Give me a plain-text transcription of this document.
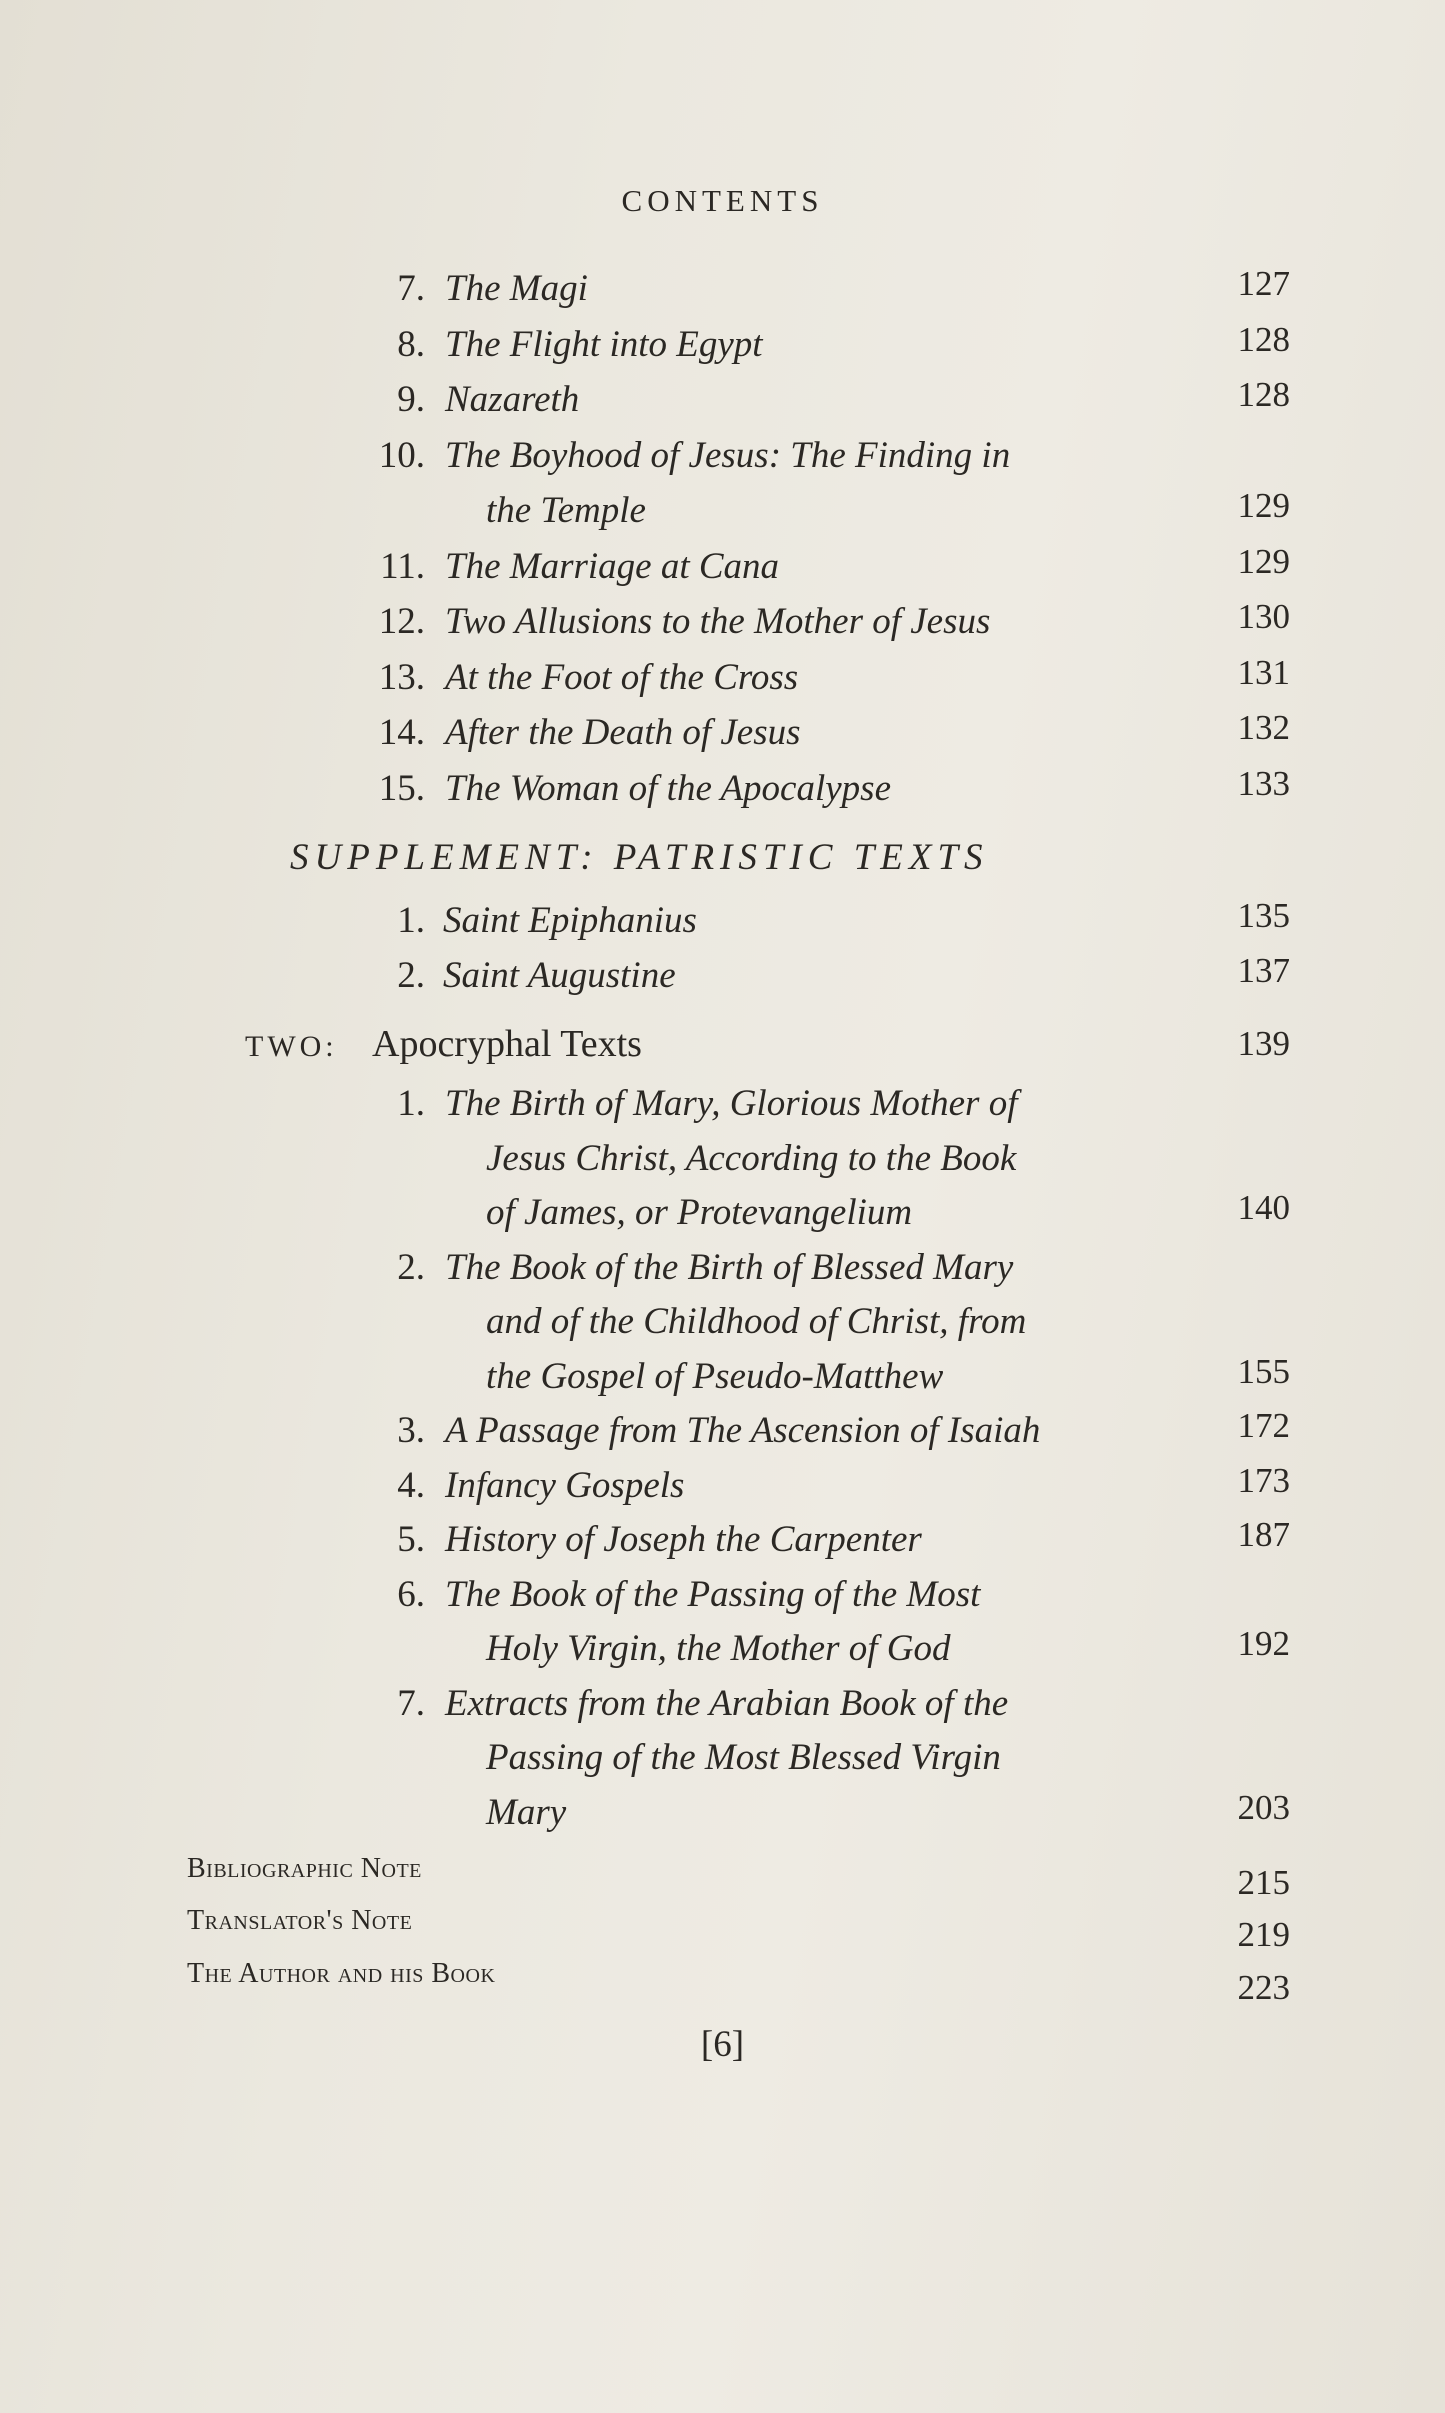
CONTENTS
7. The Magi	127
8. The Flight into Egypt	128
9. Nazareth	128
10. The Boyhood of Jesus: The Finding in
the Temple	129
11. The Marriage at Cana	129
12. Two Allusions to the Mother of Jesus	130
13. At the Foot of the Cross	131
14. After the Death of Jesus	132
15. The Woman of the Apocalypse	133
SUPPLEMENT: PATRISTIC TEXTS
1. Saint Epiphanius	135
2. Saint Augustine	137
TWO: Apocryphal Texts	139
1. The Birth of Mary, Glorious Mother of
Jesus Christ, According to the Book
of James, or Protevangelium	140
2. The Book of the Birth of Blessed Mary
and of the Childhood of Christ, from
the Gospel of Pseudo-Matthew	155
3. A Passage from The Ascension of Isaiah	172
4. Infancy Gospels	173
5. History of Joseph the Carpenter	187
6. The Book of the Passing of the Most
Holy Virgin, the Mother of God	192
7. Extracts from the Arabian Book of the
Passing of the Most Blessed Virgin
Mary	203
Bibliographic Note	215
Translator's Note	219
The Author and his Book	223
[6]
